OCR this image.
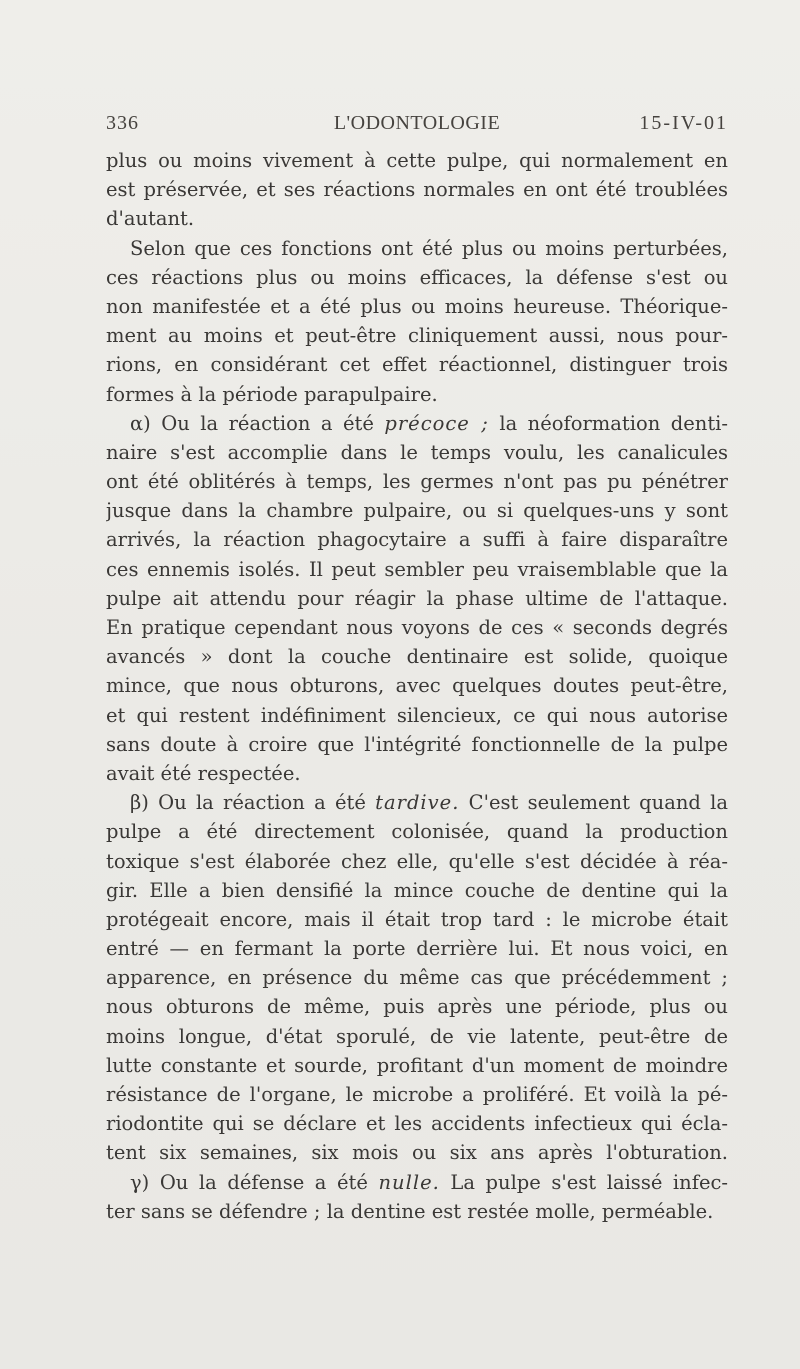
336	L'ODONTOLOGIE	15-IV-01
plus ou moins vivement à cette pulpe, qui normalement en
est préservée, et ses réactions normales en ont été troublées
d'autant.
Selon que ces fonctions ont été plus ou moins perturbées,
ces réactions plus ou moins efficaces, la défense s'est ou
non manifestée et a été plus ou moins heureuse. Théorique-
ment au moins et peut-être cliniquement aussi, nous pour-
rions, en considérant cet effet réactionnel, distinguer trois
formes à la période parapulpaire.
α) Ou la réaction a été précoce ; la néoformation denti-
naire s'est accomplie dans le temps voulu, les canalicules
ont été oblitérés à temps, les germes n'ont pas pu pénétrer
jusque dans la chambre pulpaire, ou si quelques-uns y sont
arrivés, la réaction phagocytaire a suffi à faire disparaître
ces ennemis isolés. Il peut sembler peu vraisemblable que la
pulpe ait attendu pour réagir la phase ultime de l'attaque.
En pratique cependant nous voyons de ces « seconds degrés
avancés » dont la couche dentinaire est solide, quoique
mince, que nous obturons, avec quelques doutes peut-être,
et qui restent indéfiniment silencieux, ce qui nous autorise
sans doute à croire que l'intégrité fonctionnelle de la pulpe
avait été respectée.
β) Ou la réaction a été tardive. C'est seulement quand la
pulpe a été directement colonisée, quand la production
toxique s'est élaborée chez elle, qu'elle s'est décidée à réa-
gir. Elle a bien densifié la mince couche de dentine qui la
protégeait encore, mais il était trop tard : le microbe était
entré — en fermant la porte derrière lui. Et nous voici, en
apparence, en présence du même cas que précédemment ;
nous obturons de même, puis après une période, plus ou
moins longue, d'état sporulé, de vie latente, peut-être de
lutte constante et sourde, profitant d'un moment de moindre
résistance de l'organe, le microbe a proliféré. Et voilà la pé-
riodontite qui se déclare et les accidents infectieux qui écla-
tent six semaines, six mois ou six ans après l'obturation.
γ) Ou la défense a été nulle. La pulpe s'est laissé infec-
ter sans se défendre ; la dentine est restée molle, perméable.
